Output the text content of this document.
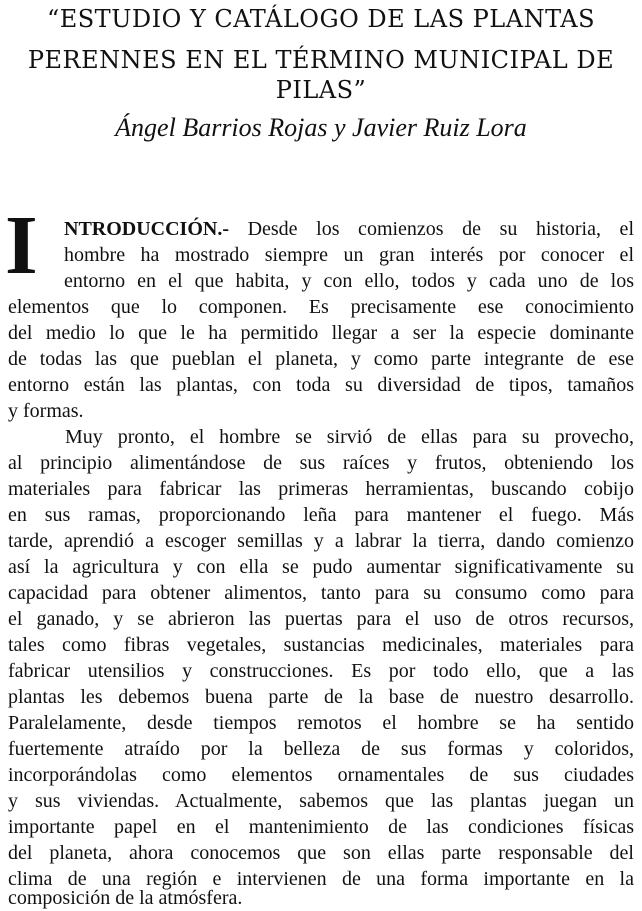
“ESTUDIO Y CATÁLOGO DE LAS PLANTAS
PERENNES EN EL TÉRMINO MUNICIPAL DE PILAS”
Ángel Barrios Rojas y Javier Ruiz Lora
I NTRODUCCIÓN.- Desde los comienzos de su historia, el
hombre ha mostrado siempre un gran interés por conocer el
entorno en el que habita, y con ello, todos y cada uno de los
elementos que lo componen. Es precisamente ese conocimiento
del medio lo que le ha permitido llegar a ser la especie dominante
de todas las que pueblan el planeta, y como parte integrante de ese
entorno están las plantas, con toda su diversidad de tipos, tamaños
y formas.
Muy pronto, el hombre se sirvió de ellas para su provecho,
al principio alimentándose de sus raíces y frutos, obteniendo los
materiales para fabricar las primeras herramientas, buscando cobijo
en sus ramas, proporcionando leña para mantener el fuego. Más
tarde, aprendió a escoger semillas y a labrar la tierra, dando comienzo
así la agricultura y con ella se pudo aumentar significativamente su
capacidad para obtener alimentos, tanto para su consumo como para
el ganado, y se abrieron las puertas para el uso de otros recursos,
tales como fibras vegetales, sustancias medicinales, materiales para
fabricar utensilios y construcciones. Es por todo ello, que a las
plantas les debemos buena parte de la base de nuestro desarrollo.
Paralelamente, desde tiempos remotos el hombre se ha sentido
fuertemente atraído por la belleza de sus formas y coloridos,
incorporándolas como elementos ornamentales de sus ciudades
y sus viviendas. Actualmente, sabemos que las plantas juegan un
importante papel en el mantenimiento de las condiciones físicas
del planeta, ahora conocemos que son ellas parte responsable del
clima de una región e intervienen de una forma importante en la
composición de la atmósfera.
